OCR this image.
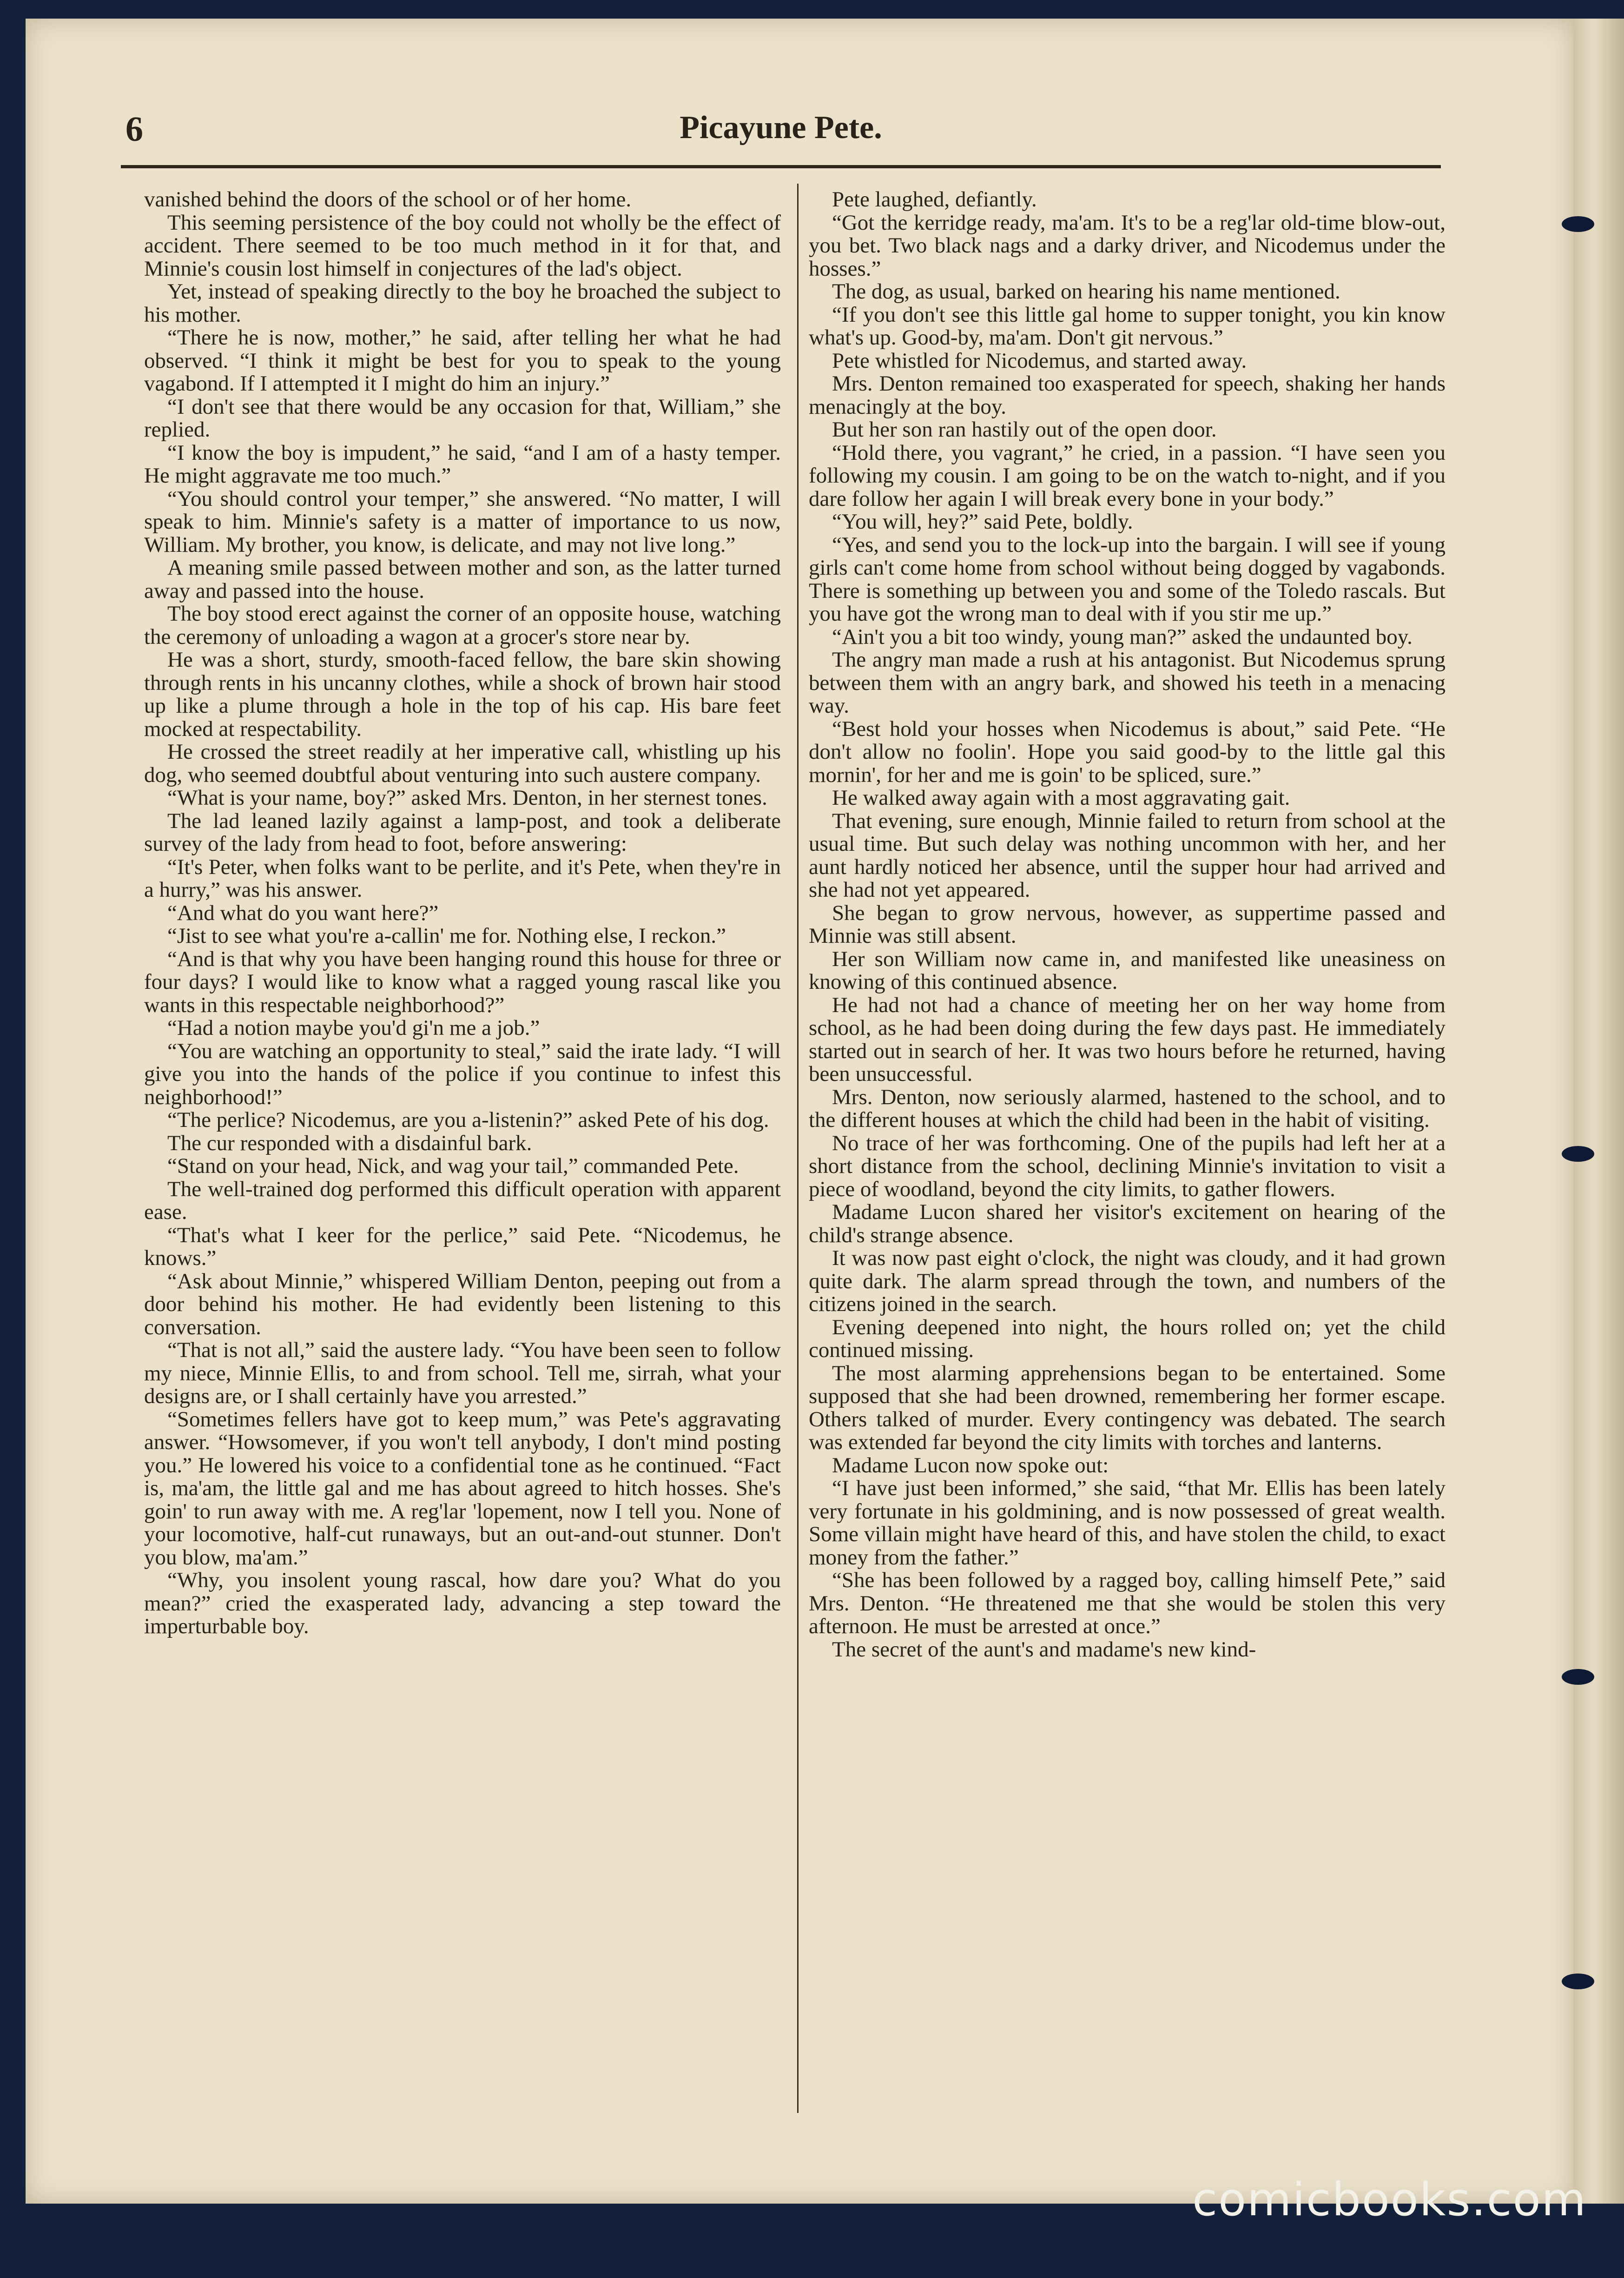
6	Picayune Pete.

vanished behind the doors of the school or of her home.

This seeming persistence of the boy could not wholly be the effect of accident. There seemed to be too much method in it for that, and Minnie's cousin lost himself in conjectures of the lad's object.

Yet, instead of speaking directly to the boy he broached the subject to his mother.

“There he is now, mother,” he said, after telling her what he had observed. “I think it might be best for you to speak to the young vagabond. If I attempted it I might do him an injury.”

“I don't see that there would be any occasion for that, William,” she replied.

“I know the boy is impudent,” he said, “and I am of a hasty temper. He might aggravate me too much.”

“You should control your temper,” she answered. “No matter, I will speak to him. Minnie's safety is a matter of importance to us now, William. My brother, you know, is delicate, and may not live long.”

A meaning smile passed between mother and son, as the latter turned away and passed into the house.

The boy stood erect against the corner of an opposite house, watching the ceremony of unloading a wagon at a grocer's store near by.

He was a short, sturdy, smooth-faced fellow, the bare skin showing through rents in his uncanny clothes, while a shock of brown hair stood up like a plume through a hole in the top of his cap. His bare feet mocked at respectability.

He crossed the street readily at her imperative call, whistling up his dog, who seemed doubtful about venturing into such austere company.

“What is your name, boy?” asked Mrs. Denton, in her sternest tones.

The lad leaned lazily against a lamp-post, and took a deliberate survey of the lady from head to foot, before answering:

“It's Peter, when folks want to be perlite, and it's Pete, when they're in a hurry,” was his answer.

“And what do you want here?”

“Jist to see what you're a-callin' me for. Nothing else, I reckon.”

“And is that why you have been hanging round this house for three or four days? I would like to know what a ragged young rascal like you wants in this respectable neighborhood?”

“Had a notion maybe you'd gi'n me a job.”

“You are watching an opportunity to steal,” said the irate lady. “I will give you into the hands of the police if you continue to infest this neighborhood!”

“The perlice? Nicodemus, are you a-listenin?” asked Pete of his dog.

The cur responded with a disdainful bark.

“Stand on your head, Nick, and wag your tail,” commanded Pete.

The well-trained dog performed this difficult operation with apparent ease.

“That's what I keer for the perlice,” said Pete. “Nicodemus, he knows.”

“Ask about Minnie,” whispered William Denton, peeping out from a door behind his mother. He had evidently been listening to this conversation.

“That is not all,” said the austere lady. “You have been seen to follow my niece, Minnie Ellis, to and from school. Tell me, sirrah, what your designs are, or I shall certainly have you arrested.”

“Sometimes fellers have got to keep mum,” was Pete's aggravating answer. “Howsomever, if you won't tell anybody, I don't mind posting you.” He lowered his voice to a confidential tone as he continued. “Fact is, ma'am, the little gal and me has about agreed to hitch hosses. She's goin' to run away with me. A reg'lar 'lopement, now I tell you. None of your locomotive, half-cut runaways, but an out-and-out stunner. Don't you blow, ma'am.”

“Why, you insolent young rascal, how dare you? What do you mean?” cried the exasperated lady, advancing a step toward the imperturbable boy.

Pete laughed, defiantly.

“Got the kerridge ready, ma'am. It's to be a reg'lar old-time blow-out, you bet. Two black nags and a darky driver, and Nicodemus under the hosses.”

The dog, as usual, barked on hearing his name mentioned.

“If you don't see this little gal home to supper tonight, you kin know what's up. Good-by, ma'am. Don't git nervous.”

Pete whistled for Nicodemus, and started away.

Mrs. Denton remained too exasperated for speech, shaking her hands menacingly at the boy.

But her son ran hastily out of the open door.

“Hold there, you vagrant,” he cried, in a passion. “I have seen you following my cousin. I am going to be on the watch to-night, and if you dare follow her again I will break every bone in your body.”

“You will, hey?” said Pete, boldly.

“Yes, and send you to the lock-up into the bargain. I will see if young girls can't come home from school without being dogged by vagabonds. There is something up between you and some of the Toledo rascals. But you have got the wrong man to deal with if you stir me up.”

“Ain't you a bit too windy, young man?” asked the undaunted boy.

The angry man made a rush at his antagonist. But Nicodemus sprung between them with an angry bark, and showed his teeth in a menacing way.

“Best hold your hosses when Nicodemus is about,” said Pete. “He don't allow no foolin'. Hope you said good-by to the little gal this mornin', for her and me is goin' to be spliced, sure.”

He walked away again with a most aggravating gait.

That evening, sure enough, Minnie failed to return from school at the usual time. But such delay was nothing uncommon with her, and her aunt hardly noticed her absence, until the supper hour had arrived and she had not yet appeared.

She began to grow nervous, however, as suppertime passed and Minnie was still absent.

Her son William now came in, and manifested like uneasiness on knowing of this continued absence.

He had not had a chance of meeting her on her way home from school, as he had been doing during the few days past. He immediately started out in search of her. It was two hours before he returned, having been unsuccessful.

Mrs. Denton, now seriously alarmed, hastened to the school, and to the different houses at which the child had been in the habit of visiting.

No trace of her was forthcoming. One of the pupils had left her at a short distance from the school, declining Minnie's invitation to visit a piece of woodland, beyond the city limits, to gather flowers.

Madame Lucon shared her visitor's excitement on hearing of the child's strange absence.

It was now past eight o'clock, the night was cloudy, and it had grown quite dark. The alarm spread through the town, and numbers of the citizens joined in the search.

Evening deepened into night, the hours rolled on; yet the child continued missing.

The most alarming apprehensions began to be entertained. Some supposed that she had been drowned, remembering her former escape. Others talked of murder. Every contingency was debated. The search was extended far beyond the city limits with torches and lanterns.

Madame Lucon now spoke out:

“I have just been informed,” she said, “that Mr. Ellis has been lately very fortunate in his goldmining, and is now possessed of great wealth. Some villain might have heard of this, and have stolen the child, to exact money from the father.”

“She has been followed by a ragged boy, calling himself Pete,” said Mrs. Denton. “He threatened me that she would be stolen this very afternoon. He must be arrested at once.”

The secret of the aunt's and madame's new kind-

comicbooks.com
